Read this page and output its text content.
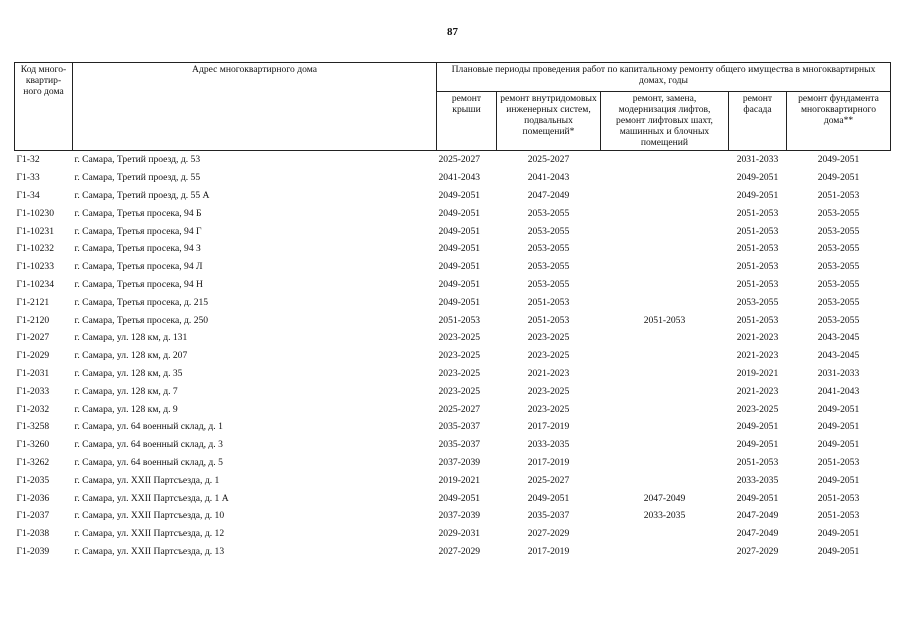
87
Код много-квартир-ного дома	Адрес многоквартирного дома	Плановые периоды проведения работ по капитальному ремонту общего имущества в многоквартирных домах, годы				
		ремонт крыши	ремонт внутридомовых инженерных систем, подвальных помещений*	ремонт, замена, модернизация лифтов, ремонт лифтовых шахт, машинных и блочных помещений	ремонт фасада	ремонт фундамента многоквартирного дома**
Г1-32	г. Самара, Третий проезд, д. 53	2025-2027	2025-2027		2031-2033	2049-2051
Г1-33	г. Самара, Третий проезд, д. 55	2041-2043	2041-2043		2049-2051	2049-2051
Г1-34	г. Самара, Третий проезд, д. 55 А	2049-2051	2047-2049		2049-2051	2051-2053
Г1-10230	г. Самара, Третья просека, 94 Б	2049-2051	2053-2055		2051-2053	2053-2055
Г1-10231	г. Самара, Третья просека, 94 Г	2049-2051	2053-2055		2051-2053	2053-2055
Г1-10232	г. Самара, Третья просека, 94 З	2049-2051	2053-2055		2051-2053	2053-2055
Г1-10233	г. Самара, Третья просека, 94 Л	2049-2051	2053-2055		2051-2053	2053-2055
Г1-10234	г. Самара, Третья просека, 94 Н	2049-2051	2053-2055		2051-2053	2053-2055
Г1-2121	г. Самара, Третья просека, д. 215	2049-2051	2051-2053		2053-2055	2053-2055
Г1-2120	г. Самара, Третья просека, д. 250	2051-2053	2051-2053	2051-2053	2051-2053	2053-2055
Г1-2027	г. Самара, ул. 128 км, д. 131	2023-2025	2023-2025		2021-2023	2043-2045
Г1-2029	г. Самара, ул. 128 км, д. 207	2023-2025	2023-2025		2021-2023	2043-2045
Г1-2031	г. Самара, ул. 128 км, д. 35	2023-2025	2021-2023		2019-2021	2031-2033
Г1-2033	г. Самара, ул. 128 км, д. 7	2023-2025	2023-2025		2021-2023	2041-2043
Г1-2032	г. Самара, ул. 128 км, д. 9	2025-2027	2023-2025		2023-2025	2049-2051
Г1-3258	г. Самара, ул. 64 военный склад, д. 1	2035-2037	2017-2019		2049-2051	2049-2051
Г1-3260	г. Самара, ул. 64 военный склад, д. 3	2035-2037	2033-2035		2049-2051	2049-2051
Г1-3262	г. Самара, ул. 64 военный склад, д. 5	2037-2039	2017-2019		2051-2053	2051-2053
Г1-2035	г. Самара, ул. XXII Партсъезда, д. 1	2019-2021	2025-2027		2033-2035	2049-2051
Г1-2036	г. Самара, ул. XXII Партсъезда, д. 1 А	2049-2051	2049-2051	2047-2049	2049-2051	2051-2053
Г1-2037	г. Самара, ул. XXII Партсъезда, д. 10	2037-2039	2035-2037	2033-2035	2047-2049	2051-2053
Г1-2038	г. Самара, ул. XXII Партсъезда, д. 12	2029-2031	2027-2029		2047-2049	2049-2051
Г1-2039	г. Самара, ул. XXII Партсъезда, д. 13	2027-2029	2017-2019		2027-2029	2049-2051
